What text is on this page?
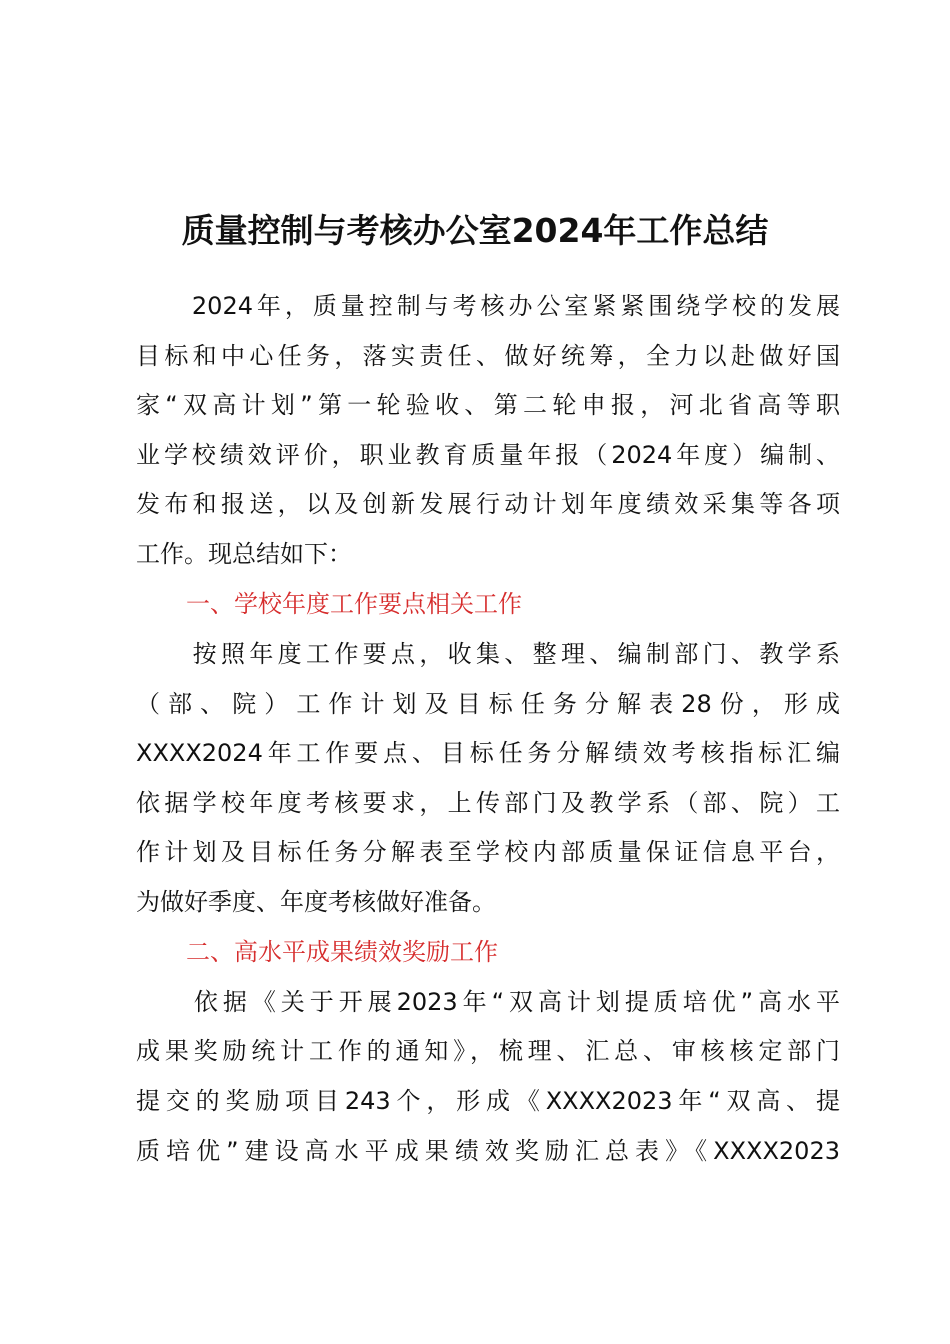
质量控制与考核办公室2024年工作总结

　　2024年，质量控制与考核办公室紧紧围绕学校的发展

目标和中心任务，落实责任、做好统筹，全力以赴做好国

家“双高计划”第一轮验收、第二轮申报，河北省高等职

业学校绩效评价，职业教育质量年报（2024年度）编制、

发布和报送，以及创新发展行动计划年度绩效采集等各项

工作。现总结如下：

一、学校年度工作要点相关工作

　　按照年度工作要点，收集、整理、编制部门、教学系

（部、院）工作计划及目标任务分解表28份，形成

XXXX2024年工作要点、目标任务分解绩效考核指标汇编

依据学校年度考核要求，上传部门及教学系（部、院）工

作计划及目标任务分解表至学校内部质量保证信息平台，

为做好季度、年度考核做好准备。

二、高水平成果绩效奖励工作

　　依据《关于开展2023年“双高计划提质培优”高水平

成果奖励统计工作的通知》，梳理、汇总、审核核定部门

提交的奖励项目243个，形成《XXXX2023年“双高、提

质培优”建设高水平成果绩效奖励汇总表》《XXXX2023
